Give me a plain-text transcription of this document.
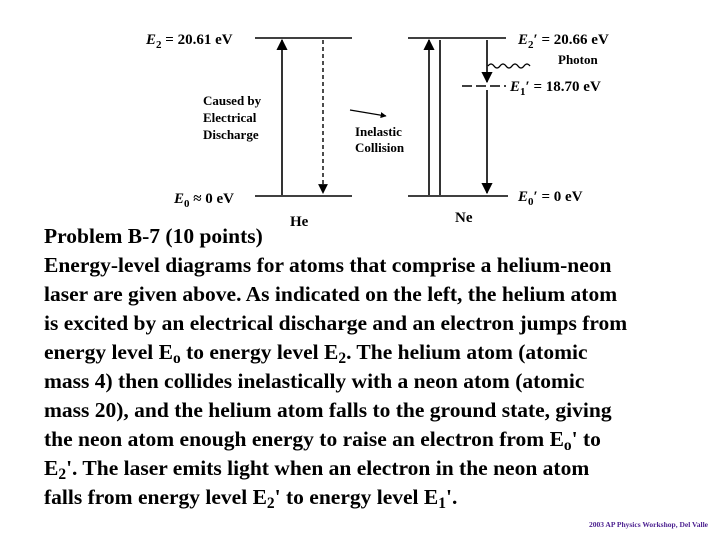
$E_2 = 20.61$ eV
Caused by
Electrical
Discharge
$E_0 \approx 0$ eV
He
Inelastic
Collision
$E_2' = 20.66$ eV
Photon
$E_1' = 18.70$ eV
$E_0' = 0$ eV
Ne

Problem B-7 (10 points)

Energy-level diagrams for atoms that comprise a helium-neon

laser are given above. As indicated on the left, the helium atom

is excited by an electrical discharge and an electron jumps from

energy level $E_o$ to energy level $E_2$. The helium atom (atomic

mass 4) then collides inelastically with a neon atom (atomic

mass 20), and the helium atom falls to the ground state, giving

the neon atom enough energy to raise an electron from $E_o'$ to

$E_2'$. The laser emits light when an electron in the neon atom

falls from energy level $E_2'$ to energy level $E_1'$.

2003 AP Physics Workshop, Del Valle
